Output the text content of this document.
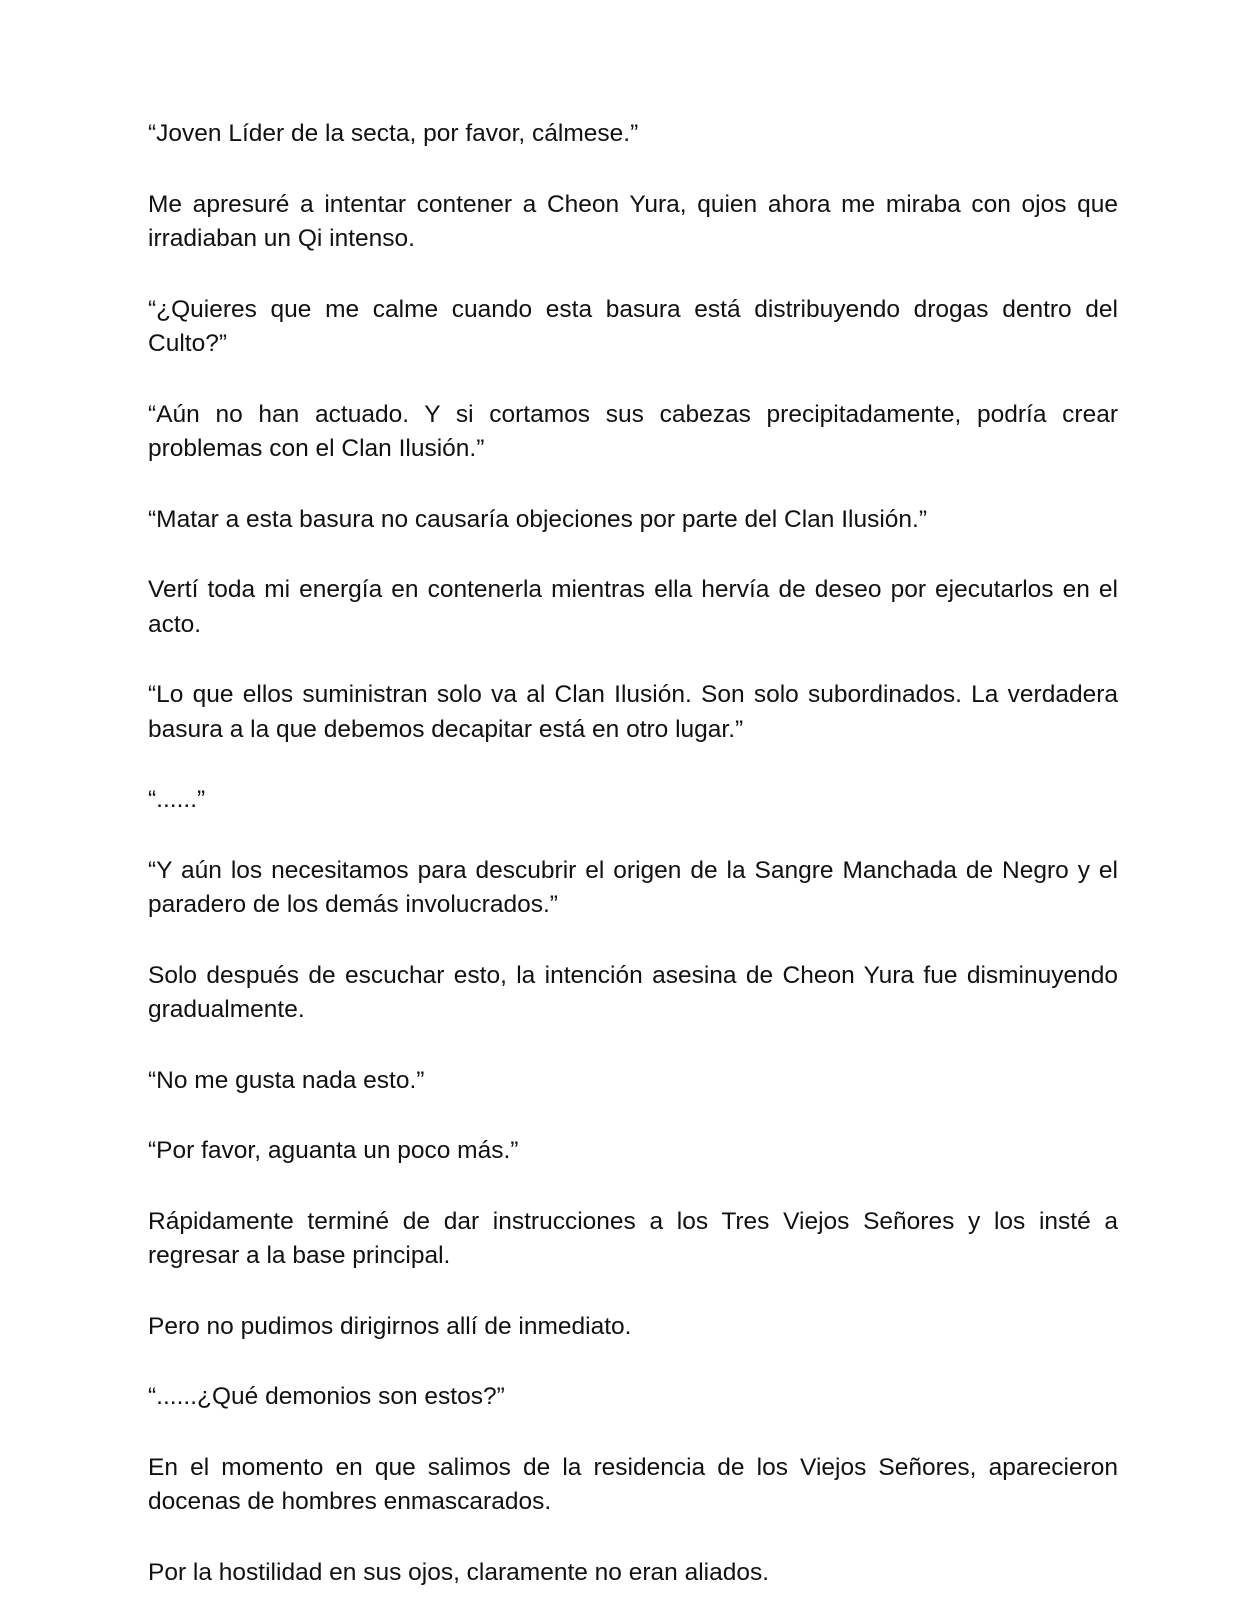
“Joven Líder de la secta, por favor, cálmese.”

Me apresuré a intentar contener a Cheon Yura, quien ahora me miraba con ojos que irradiaban un Qi intenso.

“¿Quieres que me calme cuando esta basura está distribuyendo drogas dentro del Culto?”

“Aún no han actuado. Y si cortamos sus cabezas precipitadamente, podría crear problemas con el Clan Ilusión.”

“Matar a esta basura no causaría objeciones por parte del Clan Ilusión.”

Vertí toda mi energía en contenerla mientras ella hervía de deseo por ejecutarlos en el acto.

“Lo que ellos suministran solo va al Clan Ilusión. Son solo subordinados. La verdadera basura a la que debemos decapitar está en otro lugar.”

“......”

“Y aún los necesitamos para descubrir el origen de la Sangre Manchada de Negro y el paradero de los demás involucrados.”

Solo después de escuchar esto, la intención asesina de Cheon Yura fue disminuyendo gradualmente.

“No me gusta nada esto.”

“Por favor, aguanta un poco más.”

Rápidamente terminé de dar instrucciones a los Tres Viejos Señores y los insté a regresar a la base principal.

Pero no pudimos dirigirnos allí de inmediato.

“......¿Qué demonios son estos?”

En el momento en que salimos de la residencia de los Viejos Señores, aparecieron docenas de hombres enmascarados.

Por la hostilidad en sus ojos, claramente no eran aliados.
